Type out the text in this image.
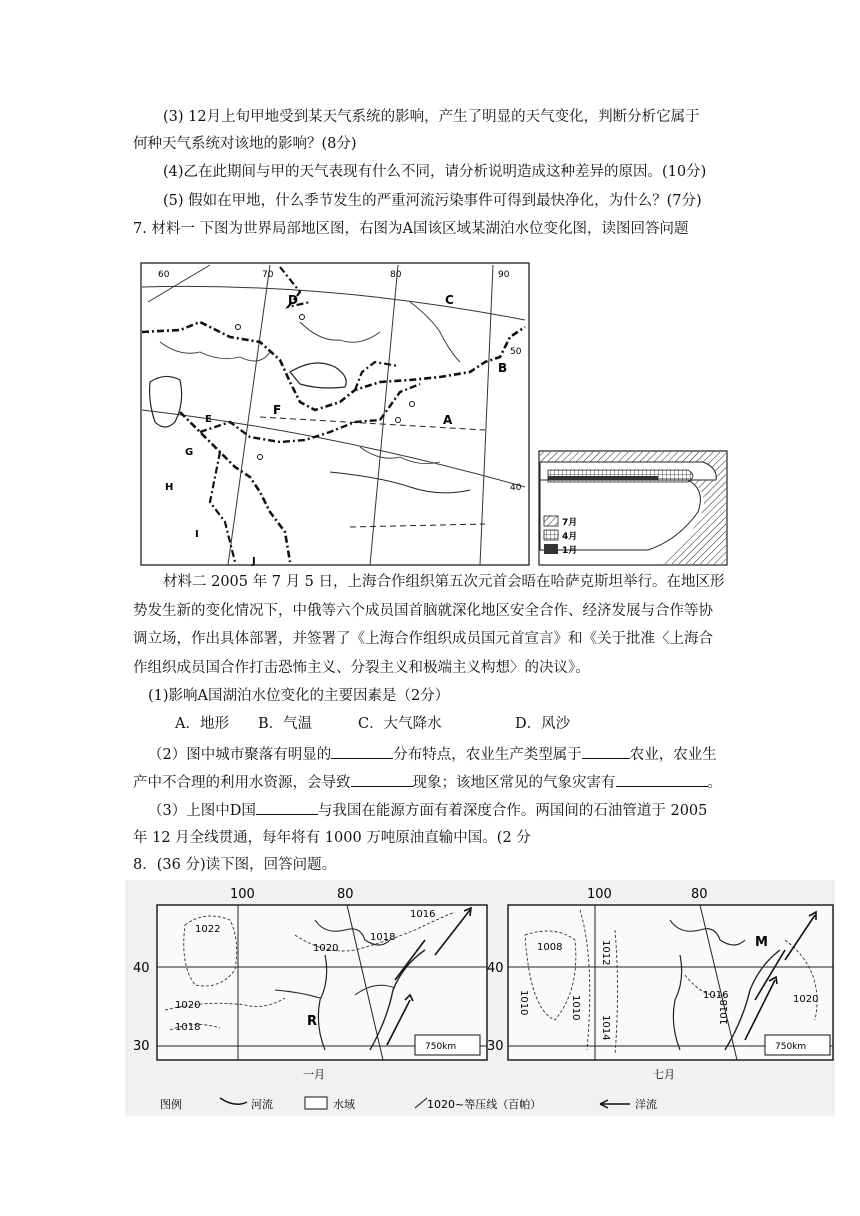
(3) 12月上旬甲地受到某天气系统的影响，产生了明显的天气变化，判断分析它属于
何种天气系统对该地的影响？(8分)
(4)乙在此期间与甲的天气表现有什么不同，请分析说明造成这种差异的原因。(10分)
(5) 假如在甲地，什么季节发生的严重河流污染事件可得到最快净化，为什么？(7分)
7. 材料一 下图为世界局部地区图，右图为A国该区域某湖泊水位变化图，读图回答问题
60	70	80	90
50
40
D	C
B
A
F
E
G
H
I
J
7月
4月
1月
材料二 2005 年 7 月 5 日，上海合作组织第五次元首会晤在哈萨克斯坦举行。在地区形
势发生新的变化情况下，中俄等六个成员国首脑就深化地区安全合作、经济发展与合作等协
调立场，作出具体部署，并签署了《上海合作组织成员国元首宣言》和《关于批准〈上海合
作组织成员国合作打击恐怖主义、分裂主义和极端主义构想〉的决议》。
(1)影响A国湖泊水位变化的主要因素是（2分）
A．地形 B．气温	C．大气降水	D．风沙
（2）图中城市聚落有明显的	分布特点，农业生产类型属于	农业，农业生
产中不合理的利用水资源，会导致	现象；该地区常见的气象灾害有	。
（3）上图中D国	与我国在能源方面有着深度合作。两国间的石油管道于 2005
年 12 月全线贯通，每年将有 1000 万吨原油直输中国。(2 分
8．(36 分)读下图，回答问题。
750km
100	80
40
30
1022
1016
1018
1020
1020
1018	R
一月
750km
100	80
40
30
1008	1012
1010	1010
1014
1016	1020
1018
M
七月
图例	河流	水域	1020~等压线（百帕）	洋流
